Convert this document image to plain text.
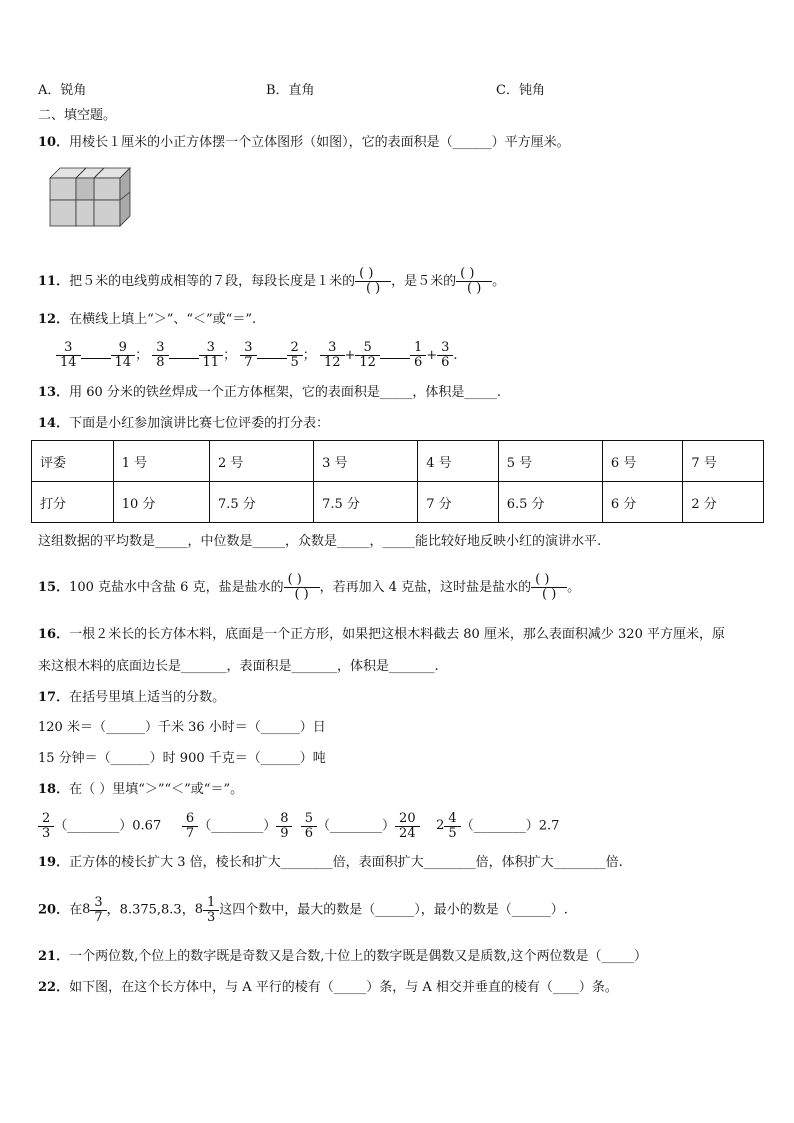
A．锐角	B．直角	C．钝角
二、填空题。
10．用棱长１厘米的小正方体摆一个立体图形（如图），它的表面积是（______）平方厘米。
11．把５米的电线剪成相等的７段，每段长度是１米的 $\frac{( )}{( )}$ ，是５米的 $\frac{( )}{( )}$ 。
12．在横线上填上“＞”、“＜”或“＝”.
$\frac{3}{14}$	$\frac{9}{14}$ ； $\frac{3}{8}$	$\frac{3}{11}$ ； $\frac{3}{7}$	$\frac{2}{5}$ ； $\frac{3}{12} + \frac{5}{12}$	$\frac{1}{6} + \frac{3}{6}$ .
13．用 60 分米的铁丝焊成一个正方体框架，它的表面积是_____，体积是_____.
14．下面是小红参加演讲比赛七位评委的打分表：
评委	1 号	2 号	3 号	4 号	5 号	6 号	7 号
打分	10 分	7.5 分	7.5 分	7 分	6.5 分	6 分	2 分
这组数据的平均数是_____，中位数是_____，众数是_____，_____能比较好地反映小红的演讲水平.
15．100 克盐水中含盐 6 克，盐是盐水的 $\frac{( )}{( )}$ ，若再加入 4 克盐，这时盐是盐水的 $\frac{( )}{( )}$ 。
16．一根２米长的长方体木料，底面是一个正方形，如果把这根木料截去 80 厘米，那么表面积减少 320 平方厘米，原
来这根木料的底面边长是_______，表面积是_______，体积是_______.
17．在括号里填上适当的分数。
120 米＝（______）千米 36 小时＝（______）日
15 分钟＝（______）时 900 千克＝（______）吨
18．在（ ）里填“＞”“＜”或“＝”。
$\frac{2}{3}$ （________）0.67 $\frac{6}{7}$ （________） $\frac{8}{9}$
$\frac{5}{6}$ （________） $\frac{20}{24}$
$2 \frac{4}{5}$ （________）2.7
19．正方体的棱长扩大 3 倍，棱长和扩大________倍，表面积扩大________倍，体积扩大________倍.
20．在 $8 \frac{3}{7}$ ，8.375,8.3， $8 \frac{1}{3}$ 这四个数中，最大的数是（______），最小的数是（______）.
21．一个两位数,个位上的数字既是奇数又是合数,十位上的数字既是偶数又是质数,这个两位数是（_____）
22．如下图，在这个长方体中，与 A 平行的棱有（_____）条，与 A 相交并垂直的棱有（____）条。
